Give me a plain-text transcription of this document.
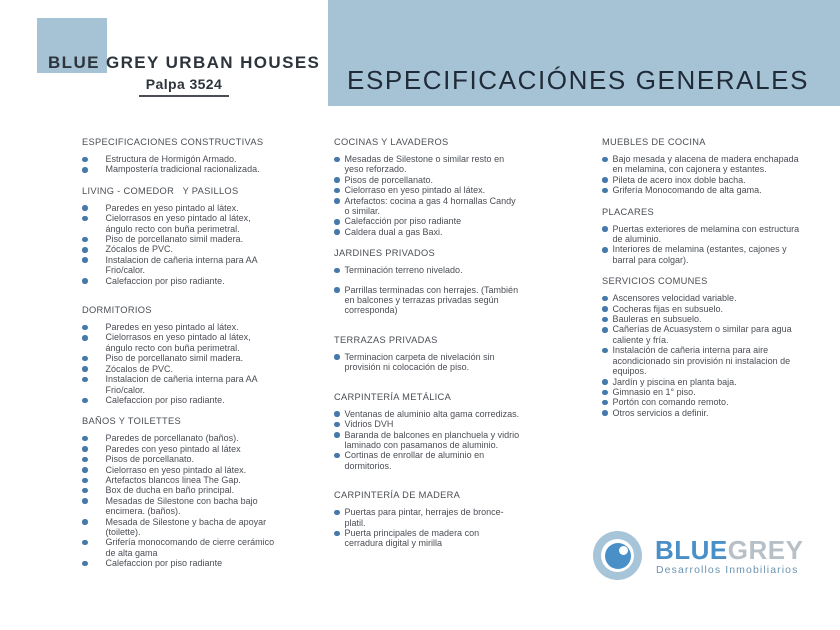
BLUE GREY URBAN HOUSES
Palpa 3524	ESPECIFICACIÓNES GENERALES
ESPECIFICACIONES CONSTRUCTIVAS
Estructura de Hormigón Armado.
Mampostería tradicional racionalizada.
LIVING - COMEDOR   Y PASILLOS
Paredes en yeso pintado al látex.
Cielorrasos en yeso pintado al látex, ángulo recto con buña perimetral.
Piso de porcellanato simil madera.
Zócalos de PVC.
Instalacion de cañeria interna para AA Frio/calor.
Calefaccion por piso radiante.
DORMITORIOS
Paredes en yeso pintado al látex.
Cielorrasos en yeso pintado al látex, ángulo recto con buña perimetral.
Piso de porcellanato simil madera.
Zócalos de PVC.
Instalacion de cañeria interna para AA Frio/calor.
Calefaccion por piso radiante.
BAÑOS Y TOILETTES
Paredes de porcellanato (baños).
Paredes con yeso pintado al látex
Pisos de porcellanato.
Cielorraso en yeso pintado al látex.
Artefactos blancos linea The Gap.
Box de ducha en baño principal.
Mesadas de Silestone con bacha bajo encimera. (baños).
Mesada de Silestone y bacha de apoyar (toilette).
Grifería monocomando de cierre cerámico de alta gama
Calefaccion por piso radiante
COCINAS Y LAVADEROS
Mesadas de Silestone o similar resto en yeso reforzado.
Pisos de porcellanato.
Cielorraso en yeso pintado al látex.
Artefactos: cocina a gas 4 hornallas Candy o similar.
Calefacción por piso radiante
Caldera dual a gas Baxi.
JARDINES PRIVADOS
Terminación terreno nivelado.
Parrillas terminadas con herrajes. (También en balcones y terrazas privadas según corresponda)
TERRAZAS PRIVADAS
Terminacion carpeta de nivelación sin provisión ni colocación de piso.
CARPINTERÍA METÁLICA
Ventanas de aluminio alta gama corredizas.
Vidrios DVH
Baranda de balcones en planchuela y vidrio laminado con pasamanos de aluminio.
Cortinas de enrollar de aluminio en dormitorios.
CARPINTERÍA DE MADERA
Puertas para pintar, herrajes de bronce-platil.
Puerta principales de madera con cerradura digital y mirilla
MUEBLES DE COCINA
Bajo mesada y alacena de madera enchapada en melamina, con cajonera y estantes.
Pileta de acero inox doble bacha.
Grifería Monocomando de alta gama.
PLACARES
Puertas exteriores de melamina con estructura de aluminio.
Interiores de melamina (estantes, cajones y barral para colgar).
SERVICIOS COMUNES
Ascensores velocidad variable.
Cocheras fijas en subsuelo.
Bauleras en subsuelo.
Cañerías de Acuasystem o similar para agua caliente y fría.
Instalación de cañeria interna para aire acondicionado sin provisión ni instalacion de equipos.
Jardín y piscina en planta baja.
Gimnasio en 1° piso.
Portón con comando remoto.
Otros servicios a definir.
BLUEGREY
Desarrollos Inmobiliarios
